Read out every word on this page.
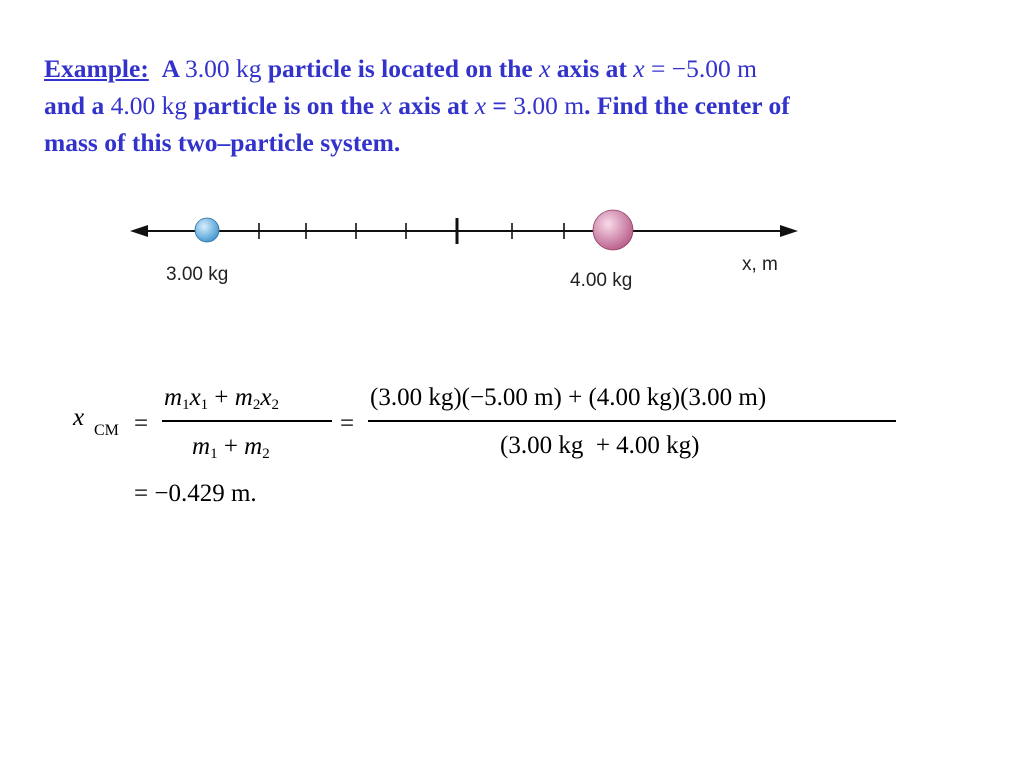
Example: A 3.00 kg particle is located on the x axis at x = −5.00 m
and a 4.00 kg particle is on the x axis at x = 3.00 m. Find the center of
mass of this two–particle system.
3.00 kg	4.00 kg
x, m
x CM =
$m_1x_1 + m_2x_2$
$m_1 + m_2$
=
(3.00 kg)(−5.00 m) + (4.00 kg)(3.00 m)
(3.00 kg  + 4.00 kg)
= −0.429 m.
